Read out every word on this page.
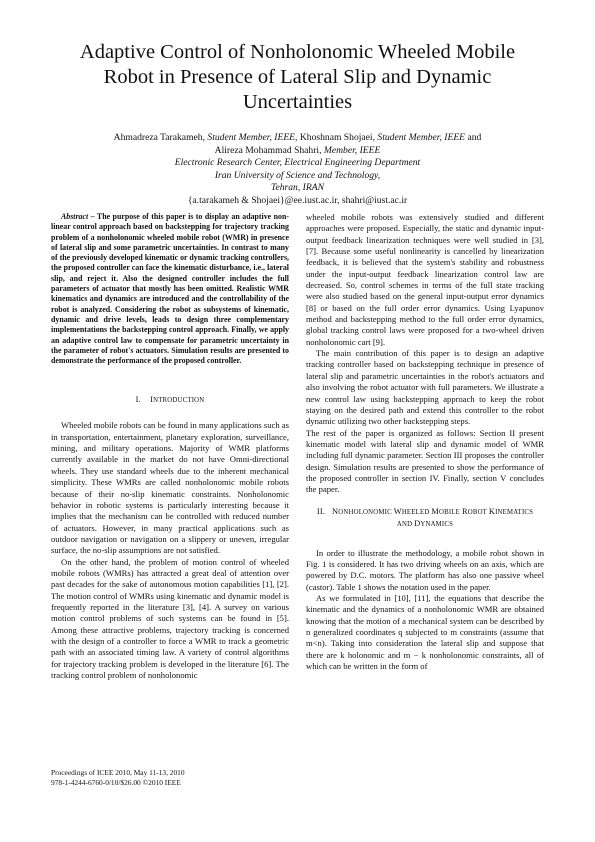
Adaptive Control of Nonholonomic Wheeled Mobile Robot in Presence of Lateral Slip and Dynamic Uncertainties
Ahmadreza Tarakameh, Student Member, IEEE, Khoshnam Shojaei, Student Member, IEEE and
Alireza Mohammad Shahri, Member, IEEE
Electronic Research Center, Electrical Engineering Department
Iran University of Science and Technology,
Tehran, IRAN
{a.tarakameh & Shojaei}@ee.iust.ac.ir, shahri@iust.ac.ir

Abstract – The purpose of this paper is to display an adaptive non-linear control approach based on backstepping for trajectory tracking problem of a nonholonomic wheeled mobile robot (WMR) in presence of lateral slip and some parametric uncertainties. In contrast to many of the previously developed kinematic or dynamic tracking controllers, the proposed controller can face the kinematic disturbance, i.e., lateral slip, and reject it. Also the designed controller includes the full parameters of actuator that mostly has been omitted. Realistic WMR kinematics and dynamics are introduced and the controllability of the robot is analyzed. Considering the robot as subsystems of kinematic, dynamic and drive levels, leads to design three complementary implementations the backstepping control approach. Finally, we apply an adaptive control law to compensate for parametric uncertainty in the parameter of robot's actuators. Simulation results are presented to demonstrate the performance of the proposed controller.

I. INTRODUCTION

Wheeled mobile robots can be found in many applications such as in transportation, entertainment, planetary exploration, surveillance, mining, and military operations. Majority of WMR platforms currently available in the market do not have Omni-directional wheels. They use standard wheels due to the inherent mechanical simplicity. These WMRs are called nonholonomic mobile robots because of their no-slip kinematic constraints. Nonholonomic behavior in robotic systems is particularly interesting because it implies that the mechanism can be controlled with reduced number of actuators. However, in many practical applications such as outdoor navigation or navigation on a slippery or uneven, irregular surface, the no-slip assumptions are not satisfied.

On the other hand, the problem of motion control of wheeled mobile robots (WMRs) has attracted a great deal of attention over past decades for the sake of autonomous motion capabilities [1], [2]. The motion control of WMRs using kinematic and dynamic model is frequently reported in the literature [3], [4]. A survey on various motion control problems of such systems can be found in [5]. Among these attractive problems, trajectory tracking is concerned with the design of a controller to force a WMR to track a geometric path with an associated timing law. A variety of control algorithms for trajectory tracking problem is developed in the literature [6]. The tracking control problem of nonholonomic

wheeled mobile robots was extensively studied and different approaches were proposed. Especially, the static and dynamic input-output feedback linearization techniques were well studied in [3], [7]. Because some useful nonlinearity is cancelled by linearization feedback, it is believed that the system's stability and robustness under the input-output feedback linearization control law are decreased. So, control schemes in terms of the full state tracking were also studied based on the general input-output error dynamics [8] or based on the full order error dynamics. Using Lyapunov method and backstepping method to the full order error dynamics, global tracking control laws were proposed for a two-wheel driven nonholonomic cart [9].

The main contribution of this paper is to design an adaptive tracking controller based on backstepping technique in presence of lateral slip and parametric uncertainties in the robot's actuators and also involving the robot actuator with full parameters. We illustrate a new control law using backstepping approach to keep the robot staying on the desired path and extend this controller to the robot dynamic utilizing two other backstepping steps.

The rest of the paper is organized as follows: Section II present kinematic model with lateral slip and dynamic model of WMR including full dynamic parameter. Section III proposes the controller design. Simulation results are presented to show the performance of the proposed controller in section IV. Finally, section V concludes the paper.

II. NONHOLONOMIC WHEELED MOBILE ROBOT KINEMATICS
AND DYNAMICS

In order to illustrate the methodology, a mobile robot shown in Fig. 1 is considered. It has two driving wheels on an axis, which are powered by D.C. motors. The platform has also one passive wheel (castor). Table 1 shows the notation used in the paper.

As we formulated in [10], [11], the equations that describe the kinematic and the dynamics of a nonholonomic WMR are obtained knowing that the motion of a mechanical system can be described by n generalized coordinates q subjected to m constraints (assume that m<n). Taking into consideration the lateral slip and suppose that there are k holonomic and m − k nonholonomic constraints, all of which can be written in the form of

Proceedings of ICEE 2010, May 11-13, 2010
978-1-4244-6760-0/10/$26.00 ©2010 IEEE
